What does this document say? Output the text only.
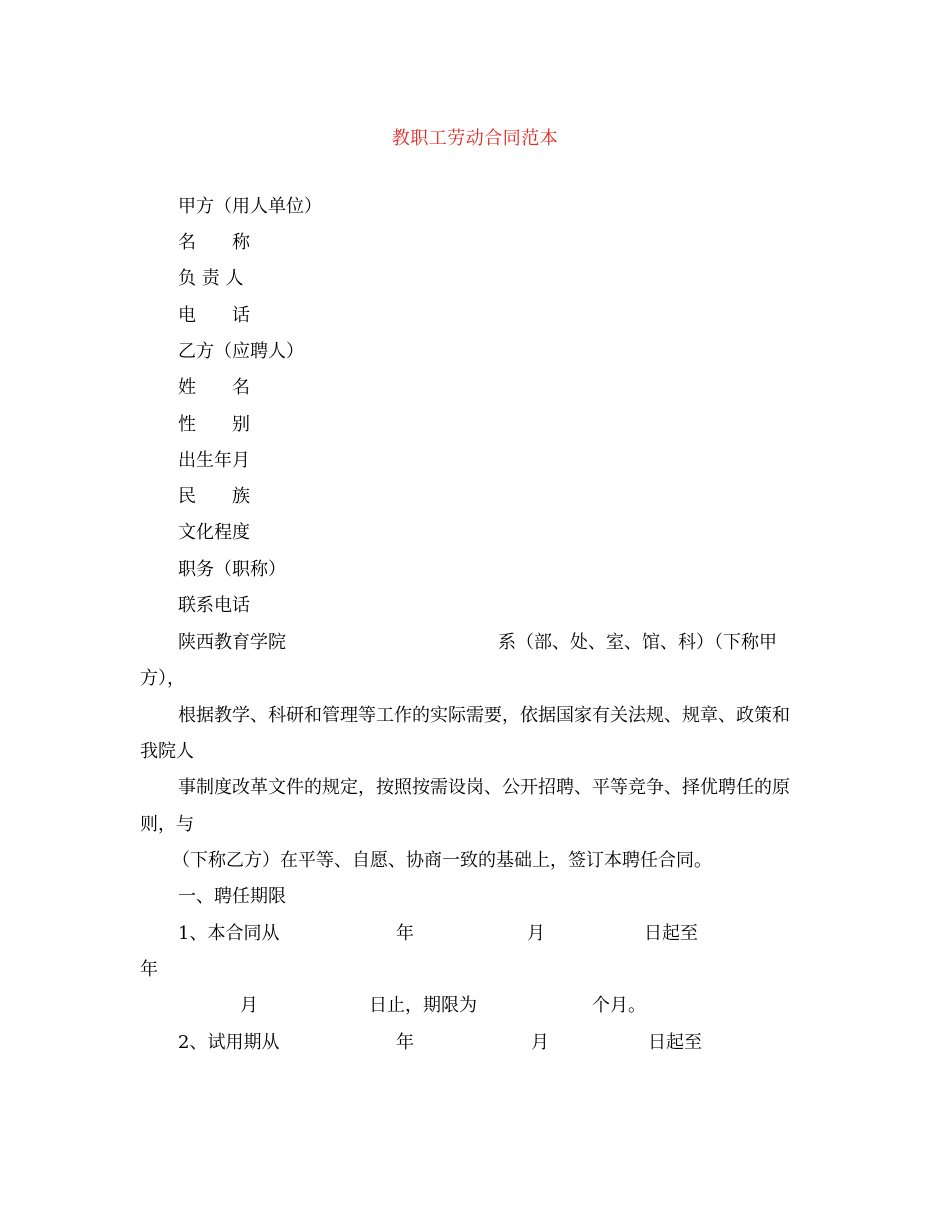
教职工劳动合同范本
甲方（用人单位）
名　　称
负 责 人
电　　话
乙方（应聘人）
姓　　名
性　　别
出生年月
民　　族
文化程度
职务（职称）
联系电话
陕西教育学院	系（部、处、室、馆、科）（下称甲
方），
根据教学、科研和管理等工作的实际需要，依据国家有关法规、规章、政策和
我院人
事制度改革文件的规定，按照按需设岗、公开招聘、平等竞争、择优聘任的原
则，与
（下称乙方）在平等、自愿、协商一致的基础上，签订本聘任合同。
一、聘任期限
1、本合同从	年	月	日起至
年
月	日止，期限为	个月。
2、试用期从	年	月	日起至
